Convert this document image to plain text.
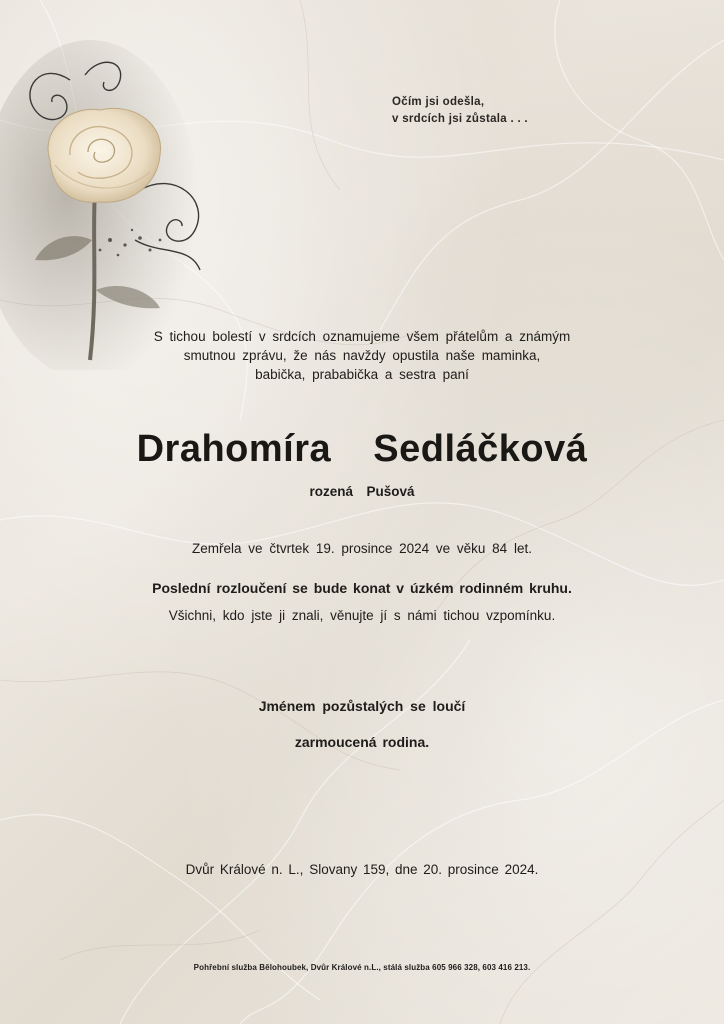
Očím jsi odešla,
v srdcích jsi zůstala . . .
S tichou bolestí v srdcích oznamujeme všem přátelům a známým
smutnou zprávu, že nás navždy opustila naše maminka,
babička, prababička a sestra paní
Drahomíra  Sedláčková
rozená  Pušová
Zemřela ve čtvrtek 19. prosince 2024 ve věku 84 let.
Poslední rozloučení se bude konat v úzkém rodinném kruhu.
Všichni, kdo jste ji znali, věnujte jí s námi tichou vzpomínku.
Jménem pozůstalých se loučí
zarmoucená rodina.
Dvůr Králové n. L., Slovany 159, dne 20. prosince 2024.
Pohřební služba Bělohoubek, Dvůr Králové n.L., stálá služba 605 966 328, 603 416 213.
